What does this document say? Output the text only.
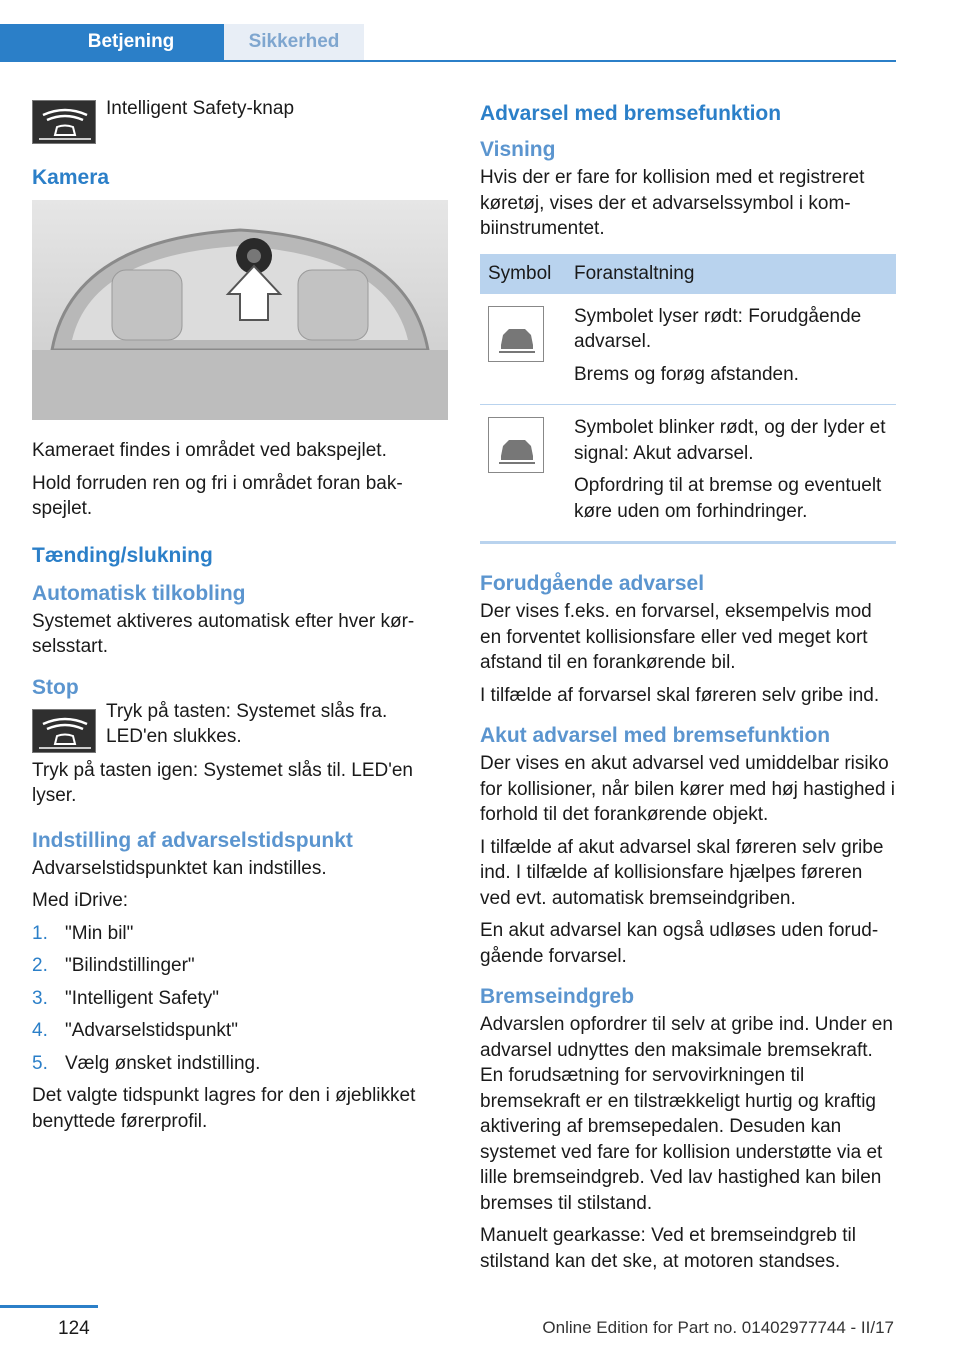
Betjening	Sikkerhed
Intelligent Safety-knap
Kamera

Kameraet findes i området ved bakspejlet.

Hold forruden ren og fri i området foran bakspejlet.

Tænding/slukning
Automatisk tilkobling

Systemet aktiveres automatisk efter hver kørselsstart.

Stop
Tryk på tasten: Systemet slås fra. LED'en slukkes.

Tryk på tasten igen: Systemet slås til. LED'en lyser.

Indstilling af advarselstidspunkt

Advarselstidspunktet kan indstilles.

Med iDrive:

1. "Min bil"
2. "Bilindstillinger"
3. "Intelligent Safety"
4. "Advarselstidspunkt"
5. Vælg ønsket indstilling.

Det valgte tidspunkt lagres for den i øjeblikket benyttede førerprofil.

Advarsel med bremsefunktion
Visning

Hvis der er fare for kollision med et registreret køretøj, vises der et advarselssymbol i kombiinstrumentet.

Symbol	Foranstaltning

Symbolet lyser rødt: Forudgående advarsel.

Brems og forøg afstanden.

Symbolet blinker rødt, og der lyder et signal: Akut advarsel.

Opfordring til at bremse og eventuelt køre uden om forhindringer.

Forudgående advarsel

Der vises f.eks. en forvarsel, eksempelvis mod en forventet kollisionsfare eller ved meget kort afstand til en forankørende bil.

I tilfælde af forvarsel skal føreren selv gribe ind.

Akut advarsel med bremsefunktion

Der vises en akut advarsel ved umiddelbar risiko for kollisioner, når bilen kører med høj hastighed i forhold til det forankørende objekt.

I tilfælde af akut advarsel skal føreren selv gribe ind. I tilfælde af kollisionsfare hjælpes føreren ved evt. automatisk bremseindgriben.

En akut advarsel kan også udløses uden forudgående forvarsel.

Bremseindgreb

Advarslen opfordrer til selv at gribe ind. Under en advarsel udnyttes den maksimale bremsekraft. En forudsætning for servovirkningen til bremsekraft er en tilstrækkeligt hurtig og kraftig aktivering af bremsepedalen. Desuden kan systemet ved fare for kollision understøtte via et lille bremseindgreb. Ved lav hastighed kan bilen bremses til stilstand.

Manuelt gearkasse: Ved et bremseindgreb til stilstand kan det ske, at motoren standses.

124	Online Edition for Part no. 01402977744 - II/17
